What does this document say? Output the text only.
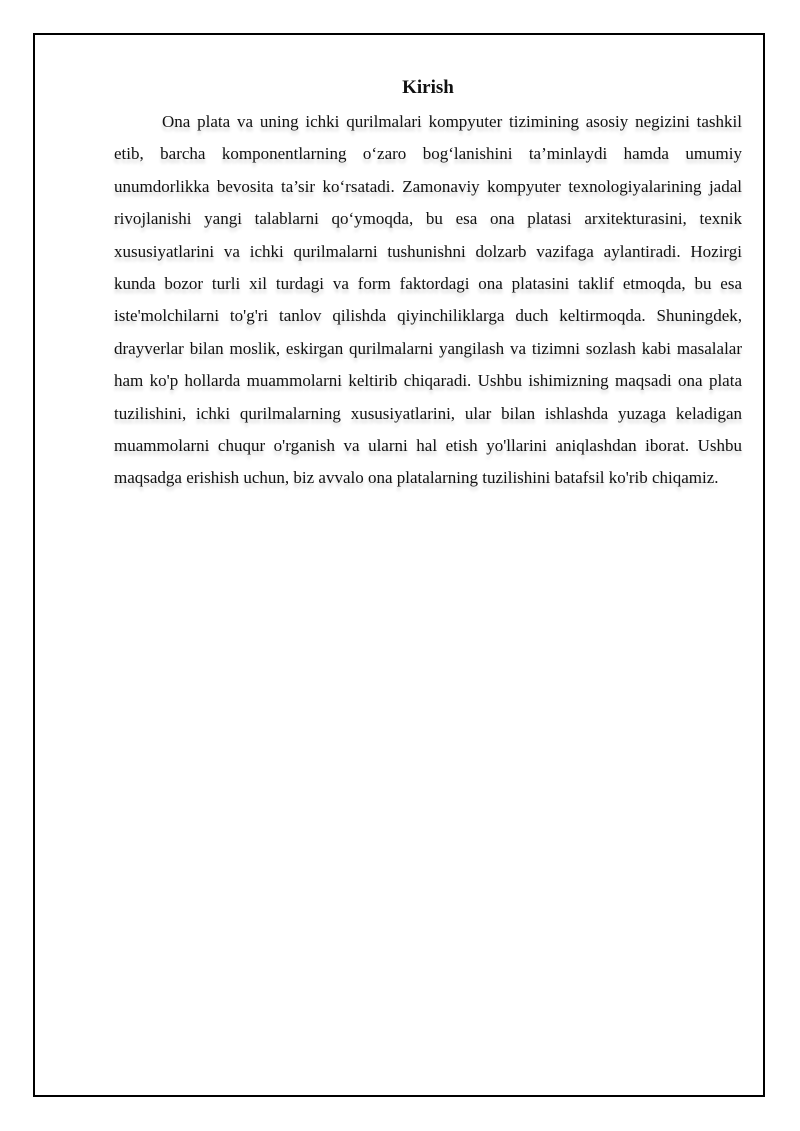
Kirish

Ona plata va uning ichki qurilmalari kompyuter tizimining asosiy negizini tashkil etib, barcha komponentlarning o‘zaro bog‘lanishini ta’minlaydi hamda umumiy unumdorlikka bevosita ta’sir ko‘rsatadi. Zamonaviy kompyuter texnologiyalarining jadal rivojlanishi yangi talablarni qo‘ymoqda, bu esa ona platasi arxitekturasini, texnik xususiyatlarini va ichki qurilmalarni tushunishni dolzarb vazifaga aylantiradi. Hozirgi kunda bozor turli xil turdagi va form faktordagi ona platasini taklif etmoqda, bu esa iste'molchilarni to'g'ri tanlov qilishda qiyinchiliklarga duch keltirmoqda. Shuningdek, drayverlar bilan moslik, eskirgan qurilmalarni yangilash va tizimni sozlash kabi masalalar ham ko'p hollarda muammolarni keltirib chiqaradi. Ushbu ishimizning maqsadi ona plata tuzilishini, ichki qurilmalarning xususiyatlarini, ular bilan ishlashda yuzaga keladigan muammolarni chuqur o'rganish va ularni hal etish yo'llarini aniqlashdan iborat. Ushbu maqsadga erishish uchun, biz avvalo ona platalarning tuzilishini batafsil ko'rib chiqamiz.
